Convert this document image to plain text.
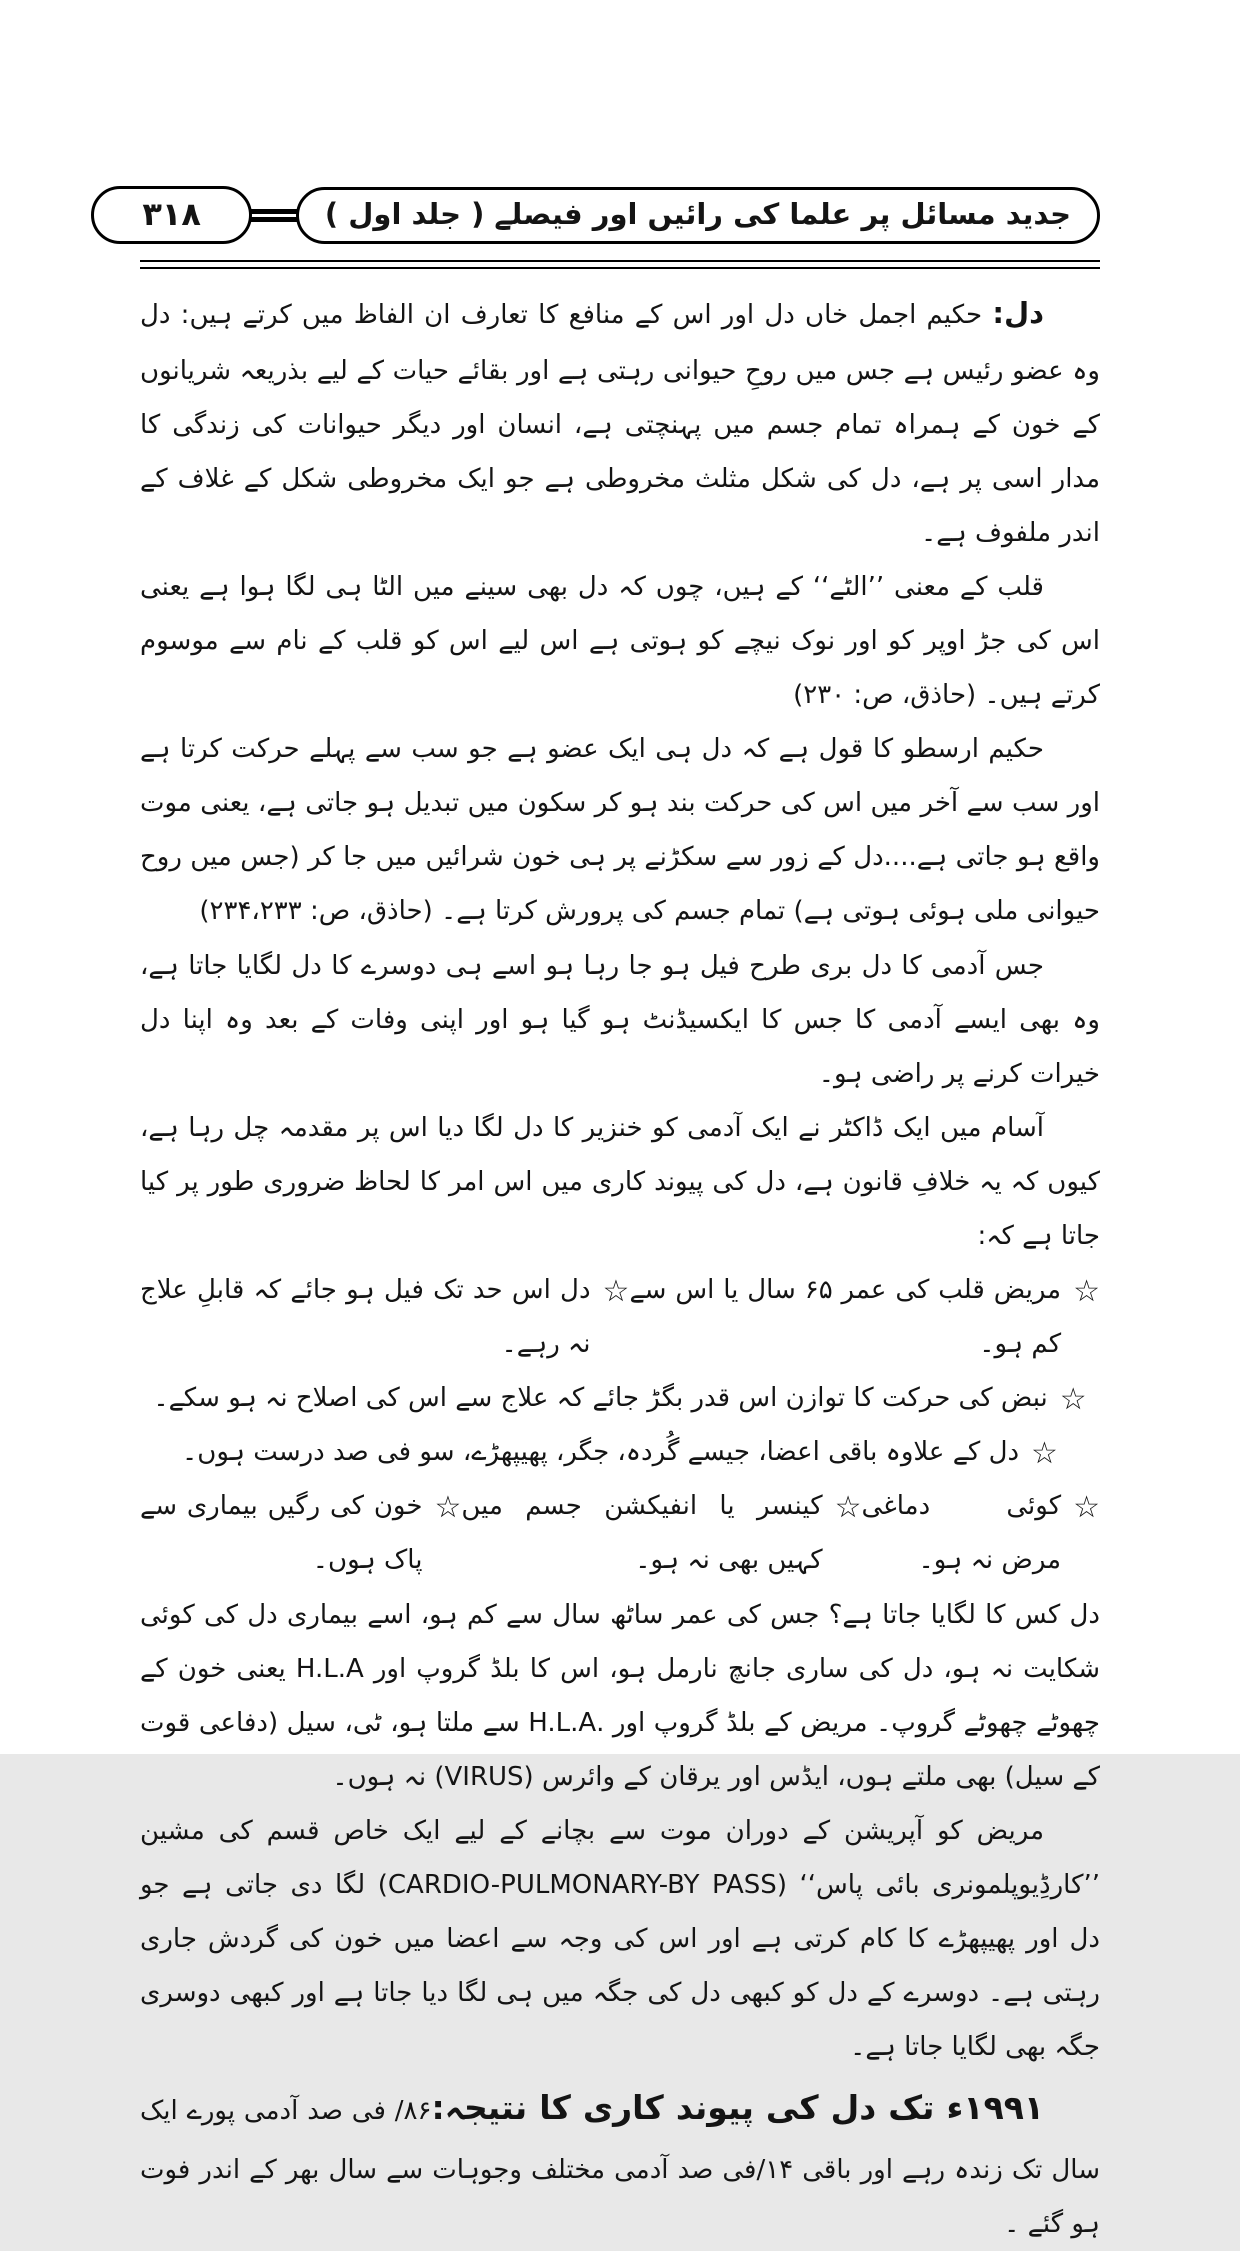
جدید مسائل پر علما کی رائیں اور فیصلے ( جلد اول )
۳۱۸

دل: حکیم اجمل خاں دل اور اس کے منافع کا تعارف ان الفاظ میں کرتے ہیں: دل وہ عضو رئیس ہے جس میں روحِ حیوانی رہتی ہے اور بقائے حیات کے لیے بذریعہ شریانوں کے خون کے ہمراہ تمام جسم میں پہنچتی ہے، انسان اور دیگر حیوانات کی زندگی کا مدار اسی پر ہے، دل کی شکل مثلث مخروطی ہے جو ایک مخروطی شکل کے غلاف کے اندر ملفوف ہے۔

قلب کے معنی ’’الٹے‘‘ کے ہیں، چوں کہ دل بھی سینے میں الٹا ہی لگا ہوا ہے یعنی اس کی جڑ اوپر کو اور نوک نیچے کو ہوتی ہے اس لیے اس کو قلب کے نام سے موسوم کرتے ہیں۔ (حاذق، ص: ۲۳۰)

حکیم ارسطو کا قول ہے کہ دل ہی ایک عضو ہے جو سب سے پہلے حرکت کرتا ہے اور سب سے آخر میں اس کی حرکت بند ہو کر سکون میں تبدیل ہو جاتی ہے، یعنی موت واقع ہو جاتی ہے....دل کے زور سے سکڑنے پر ہی خون شرائیں میں جا کر (جس میں روح حیوانی ملی ہوئی ہوتی ہے) تمام جسم کی پرورش کرتا ہے۔ (حاذق، ص: ۲۳۴،۲۳۳)

جس آدمی کا دل بری طرح فیل ہو جا رہا ہو اسے ہی دوسرے کا دل لگایا جاتا ہے، وہ بھی ایسے آدمی کا جس کا ایکسیڈنٹ ہو گیا ہو اور اپنی وفات کے بعد وہ اپنا دل خیرات کرنے پر راضی ہو۔

آسام میں ایک ڈاکٹر نے ایک آدمی کو خنزیر کا دل لگا دیا اس پر مقدمہ چل رہا ہے، کیوں کہ یہ خلافِ قانون ہے، دل کی پیوند کاری میں اس امر کا لحاظ ضروری طور پر کیا جاتا ہے کہ:

☆
مریض قلب کی عمر ۶۵ سال یا اس سے کم ہو۔
☆
دل اس حد تک فیل ہو جائے کہ قابلِ علاج نہ رہے۔
☆
نبض کی حرکت کا توازن اس قدر بگڑ جائے کہ علاج سے اس کی اصلاح نہ ہو سکے۔
☆
دل کے علاوہ باقی اعضا، جیسے گُردہ، جگر، پھیپھڑے، سو فی صد درست ہوں۔
☆
کوئی دماغی مرض نہ ہو۔
☆
کینسر یا انفیکشن جسم میں کہیں بھی نہ ہو۔
☆
خون کی رگیں بیماری سے پاک ہوں۔

دل کس کا لگایا جاتا ہے؟ جس کی عمر ساٹھ سال سے کم ہو، اسے بیماری دل کی کوئی شکایت نہ ہو، دل کی ساری جانچ نارمل ہو، اس کا بلڈ گروپ اور H.L.A یعنی خون کے چھوٹے چھوٹے گروپ۔ مریض کے بلڈ گروپ اور .H.L.A سے ملتا ہو، ٹی، سیل (دفاعی قوت کے سیل) بھی ملتے ہوں، ایڈس اور یرقان کے وائرس (VIRUS) نہ ہوں۔

مریض کو آپریشن کے دوران موت سے بچانے کے لیے ایک خاص قسم کی مشین ’’کارڈِیوپلمونری بائی پاس‘‘ (CARDIO-PULMONARY-BY PASS) لگا دی جاتی ہے جو دل اور پھیپھڑے کا کام کرتی ہے اور اس کی وجہ سے اعضا میں خون کی گردش جاری رہتی ہے۔ دوسرے کے دل کو کبھی دل کی جگہ میں ہی لگا دیا جاتا ہے اور کبھی دوسری جگہ بھی لگایا جاتا ہے۔

۱۹۹۱ء تک دل کی پیوند کاری کا نتیجہ:۸۶/ فی صد آدمی پورے ایک سال تک زندہ رہے اور باقی ۱۴/فی صد آدمی مختلف وجوہات سے سال بھر کے اندر فوت ہو گئے ۔
